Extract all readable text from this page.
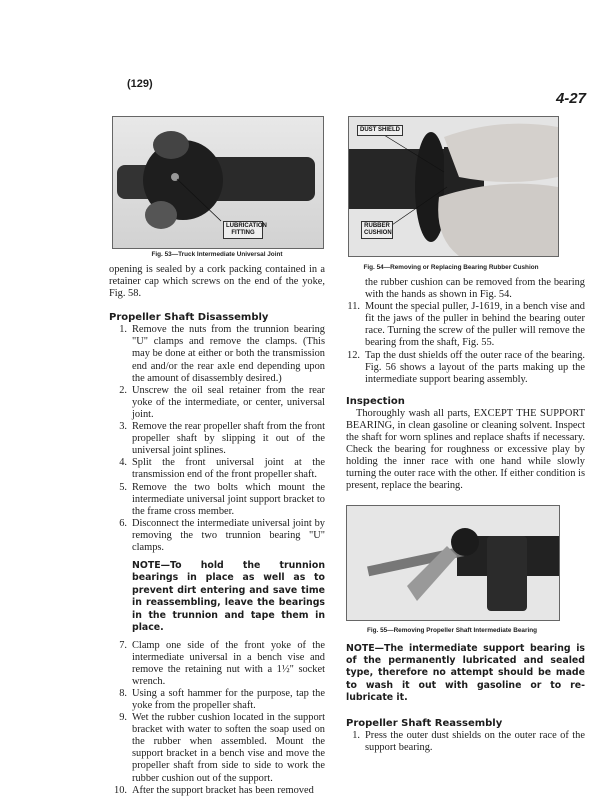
(129)
4-27
LUBRICATION FITTING
Fig. 53—Truck Intermediate Universal Joint
DUST SHIELD
RUBBER CUSHION
Fig. 54—Removing or Replacing Bearing Rubber Cushion

opening is sealed by a cork packing contained in a retainer cap which screws on the end of the yoke, Fig. 58.

Propeller Shaft Disassembly
1. Remove the nuts from the trunnion bearing "U" clamps and remove the clamps. (This may be done at either or both the transmission end and/or the rear axle end depending upon the amount of disassembly desired.)
2. Unscrew the oil seal retainer from the rear yoke of the intermediate, or center, universal joint.
3. Remove the rear propeller shaft from the front propeller shaft by slipping it out of the universal joint splines.
4. Split the front universal joint at the transmission end of the front propeller shaft.
5. Remove the two bolts which mount the intermediate universal joint support bracket to the frame cross member.
6. Disconnect the intermediate universal joint by removing the two trunnion bearing "U" clamps.
NOTE—To hold the trunnion bearings in place as well as to prevent dirt entering and save time in reassembling, leave the bearings in the trunnion and tape them in place.
7. Clamp one side of the front yoke of the intermediate universal in a bench vise and remove the retaining nut with a 1½" socket wrench.
8. Using a soft hammer for the purpose, tap the yoke from the propeller shaft.
9. Wet the rubber cushion located in the support bracket with water to soften the soap used on the rubber when assembled. Mount the support bracket in a bench vise and move the propeller shaft from side to side to work the rubber cushion out of the support.
10. After the support bracket has been removed

the rubber cushion can be removed from the bearing with the hands as shown in Fig. 54.

11. Mount the special puller, J-1619, in a bench vise and fit the jaws of the puller in behind the bearing outer race. Turning the screw of the puller will remove the bearing from the shaft, Fig. 55.
12. Tap the dust shields off the outer race of the bearing. Fig. 56 shows a layout of the parts making up the intermediate support bearing assembly.
Inspection

Thoroughly wash all parts, EXCEPT THE SUPPORT BEARING, in clean gasoline or cleaning solvent. Inspect the shaft for worn splines and replace shafts if necessary. Check the bearing for roughness or excessive play by holding the inner race with one hand while slowly turning the outer race with the other. If either condition is present, replace the bearing.

Fig. 55—Removing Propeller Shaft Intermediate Bearing
NOTE—The intermediate support bearing is of the permanently lubricated and sealed type, therefore no attempt should be made to wash it out with gasoline or to re-lubricate it.
Propeller Shaft Reassembly
1. Press the outer dust shields on the outer race of the support bearing.
